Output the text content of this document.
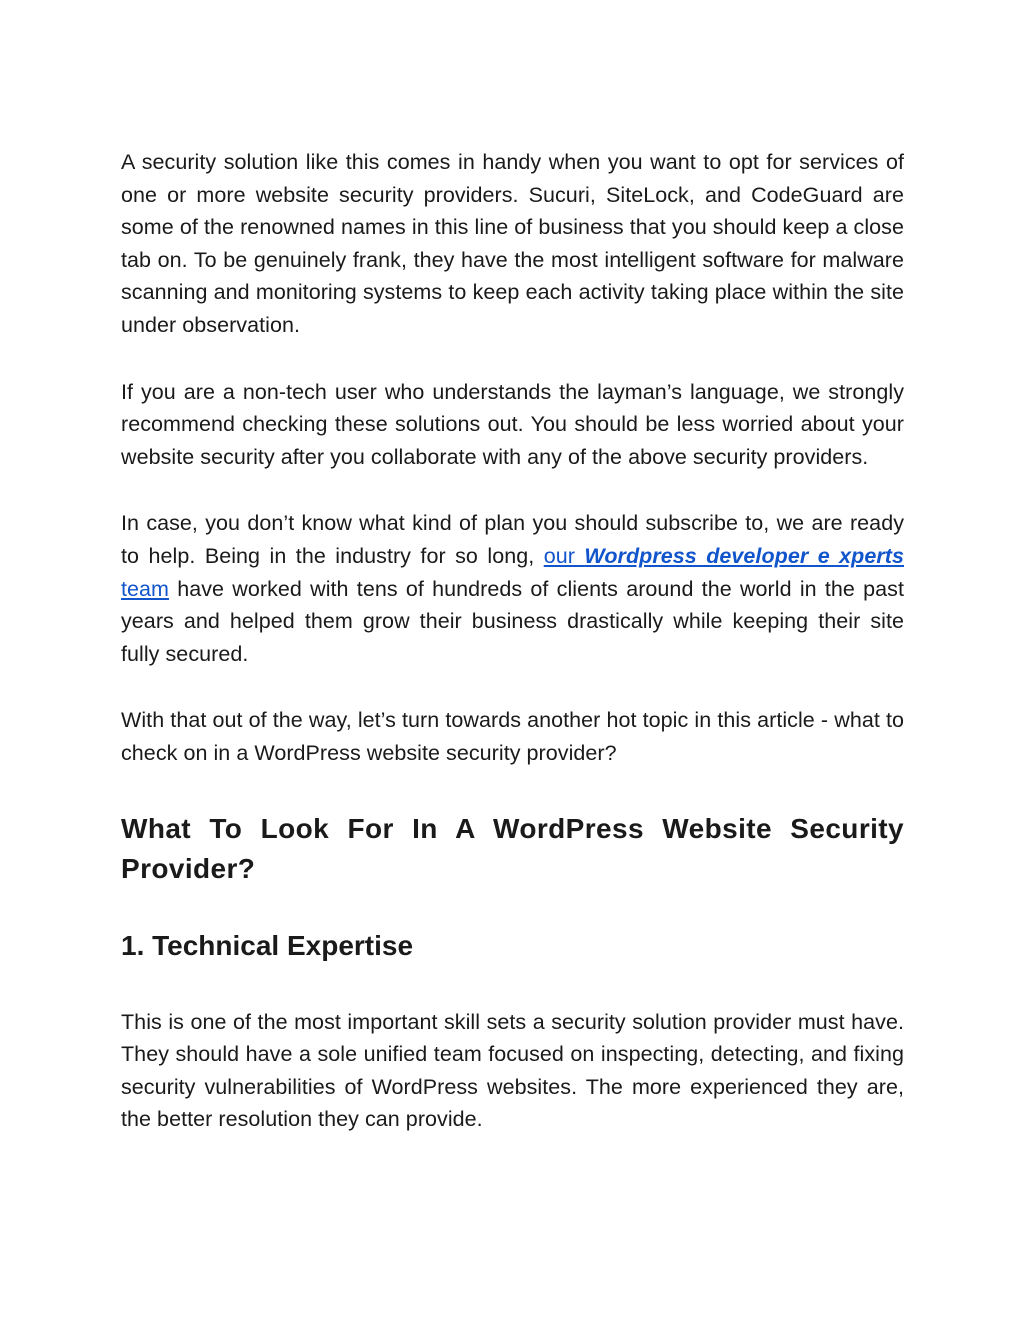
A security solution like this comes in handy when you want to opt for services of one or more website security providers. Sucuri, SiteLock, and CodeGuard are some of the renowned names in this line of business that you should keep a close tab on. To be genuinely frank, they have the most intelligent software for malware scanning and monitoring systems to keep each activity taking place within the site under observation.

If you are a non-tech user who understands the layman’s language, we strongly recommend checking these solutions out. You should be less worried about your website security after you collaborate with any of the above security providers.

In case, you don’t know what kind of plan you should subscribe to, we are ready to help. Being in the industry for so long, our Wordpress developer e xperts team have worked with tens of hundreds of clients around the world in the past years and helped them grow their business drastically while keeping their site fully secured.

With that out of the way, let’s turn towards another hot topic in this article - what to check on in a WordPress website security provider?

What To Look For In A WordPress Website Security Provider?
1. Technical Expertise

This is one of the most important skill sets a security solution provider must have. They should have a sole unified team focused on inspecting, detecting, and fixing security vulnerabilities of WordPress websites. The more experienced they are, the better resolution they can provide.
